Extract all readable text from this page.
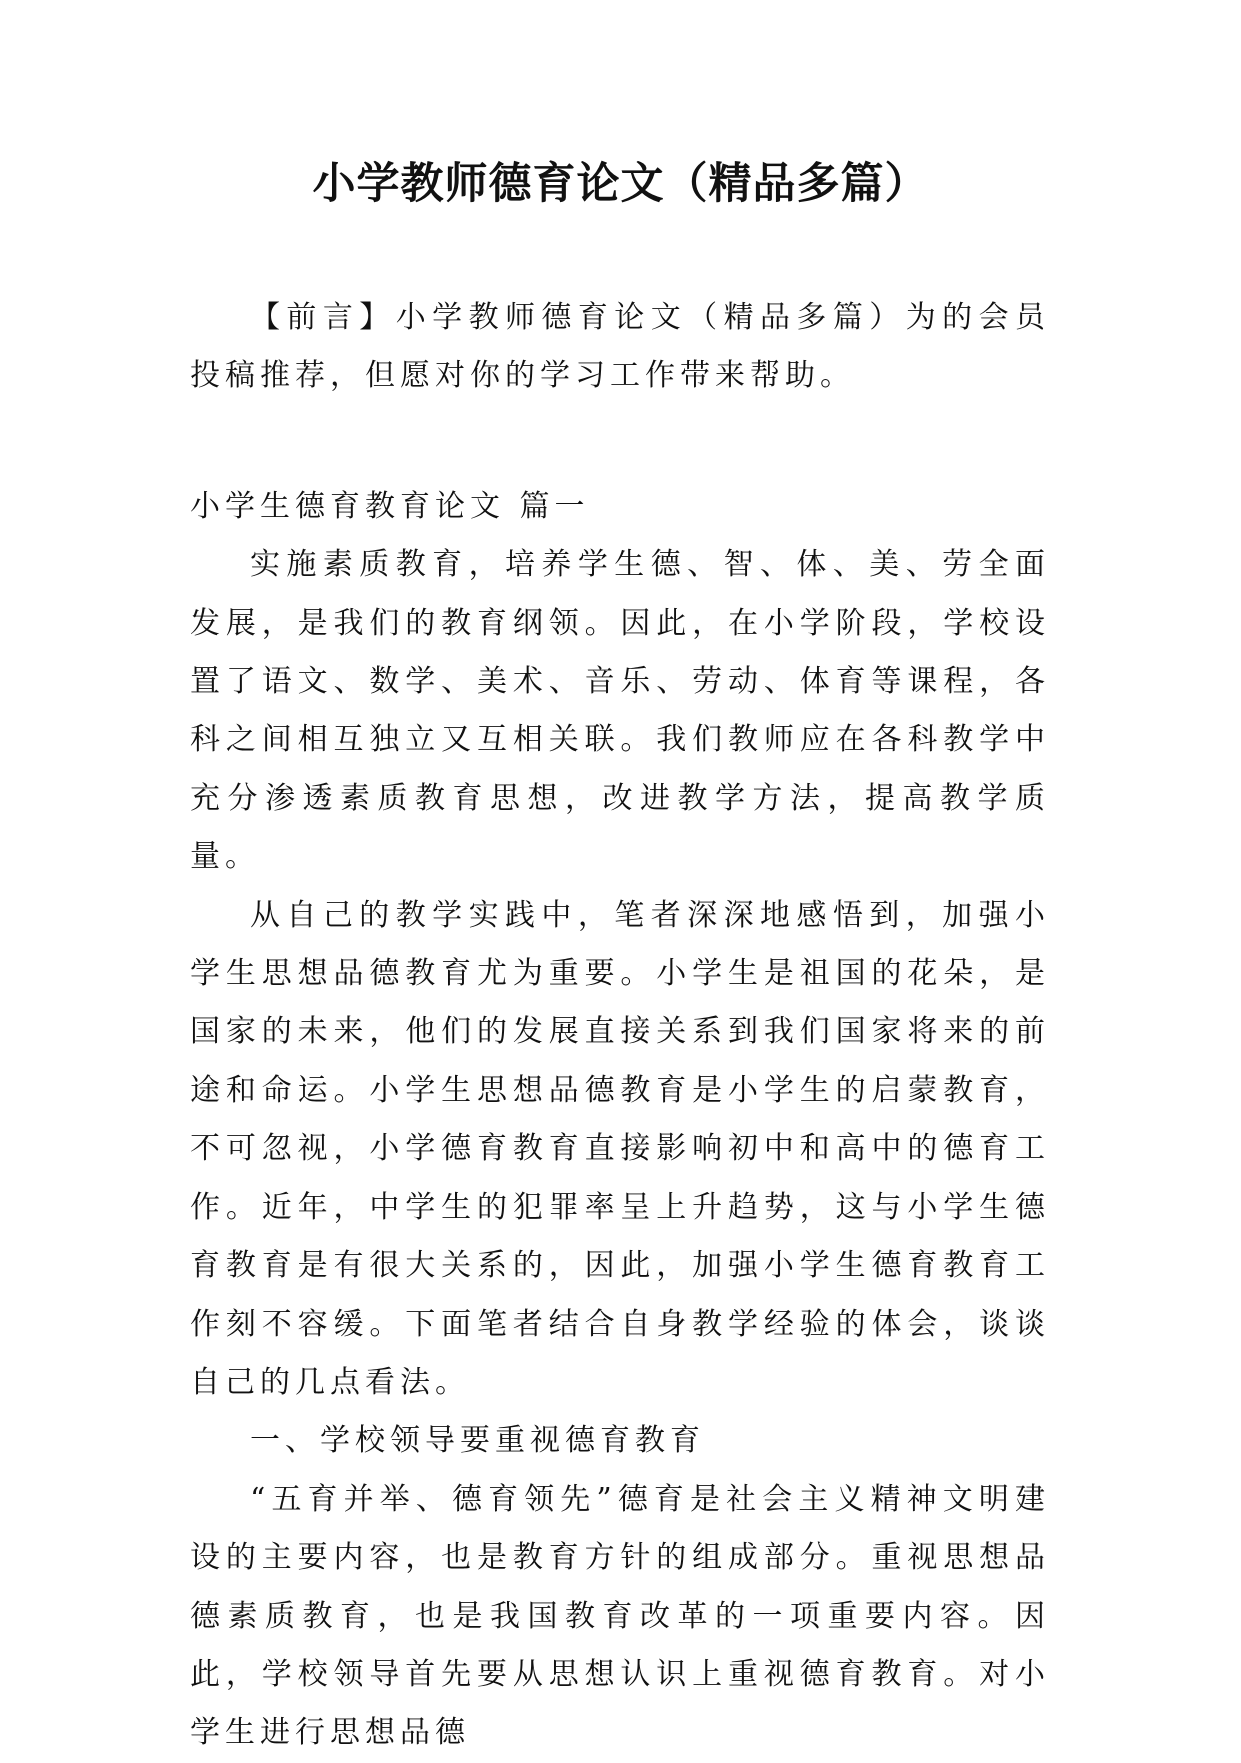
小学教师德育论文（精品多篇）

【前言】小学教师德育论文（精品多篇）为的会员投稿推荐，但愿对你的学习工作带来帮助。

小学生德育教育论文 篇一

实施素质教育，培养学生德、智、体、美、劳全面发展，是我们的教育纲领。因此，在小学阶段，学校设置了语文、数学、美术、音乐、劳动、体育等课程，各科之间相互独立又互相关联。我们教师应在各科教学中充分渗透素质教育思想，改进教学方法，提高教学质量。

从自己的教学实践中，笔者深深地感悟到，加强小学生思想品德教育尤为重要。小学生是祖国的花朵，是国家的未来，他们的发展直接关系到我们国家将来的前途和命运。小学生思想品德教育是小学生的启蒙教育，不可忽视，小学德育教育直接影响初中和高中的德育工作。近年，中学生的犯罪率呈上升趋势，这与小学生德育教育是有很大关系的，因此，加强小学生德育教育工作刻不容缓。下面笔者结合自身教学经验的体会，谈谈自己的几点看法。

一、学校领导要重视德育教育

“五育并举、德育领先”德育是社会主义精神文明建设的主要内容，也是教育方针的组成部分。重视思想品德素质教育，也是我国教育改革的一项重要内容。因此，学校领导首先要从思想认识上重视德育教育。对小学生进行思想品德
